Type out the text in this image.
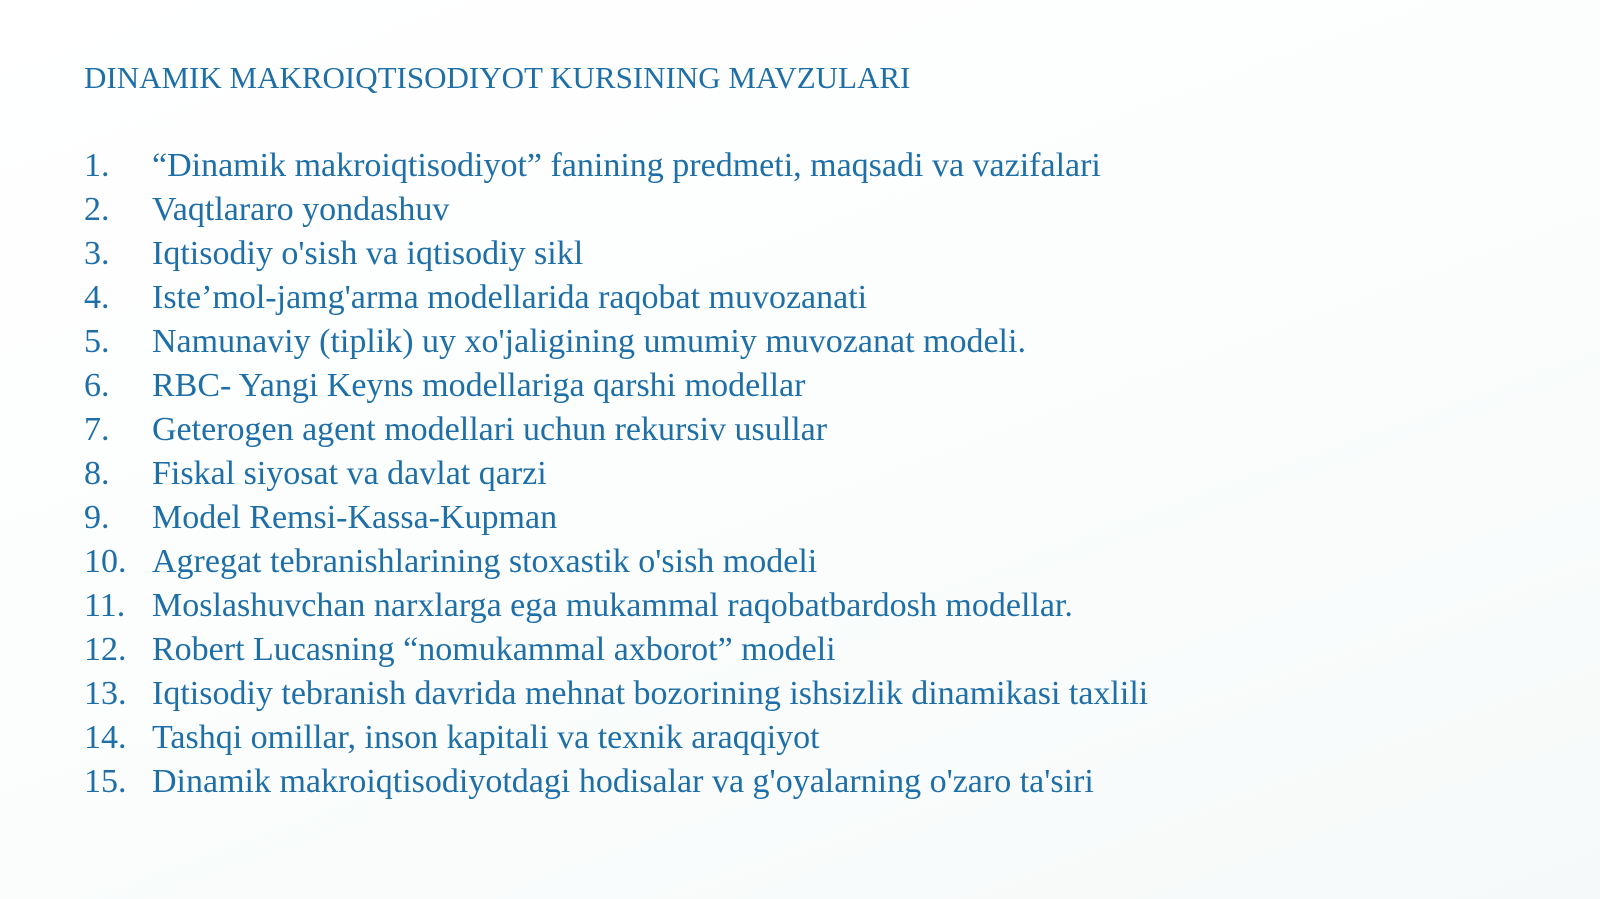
DINAMIK MAKROIQTISODIYOT KURSINING MAVZULARI
1.	“Dinamik makroiqtisodiyot” fanining predmeti, maqsadi va vazifalari
2.	Vaqtlararo yondashuv
3.	Iqtisodiy o'sish va iqtisodiy sikl
4.	Iste’mol-jamg'arma modellarida raqobat muvozanati
5.	Namunaviy (tiplik) uy xo'jaligining umumiy muvozanat modeli.
6.	RBC- Yangi Keyns modellariga qarshi modellar
7.	Geterogen agent modellari uchun rekursiv usullar
8.	Fiskal siyosat va davlat qarzi
9.	Model Remsi-Kassa-Kupman
10. Agregat tebranishlarining stoxastik o'sish modeli
11. Moslashuvchan narxlarga ega mukammal raqobatbardosh modellar.
12. Robert Lucasning “nomukammal axborot” modeli
13. Iqtisodiy tebranish davrida mehnat bozorining ishsizlik dinamikasi taxlili
14. Tashqi omillar, inson kapitali va texnik araqqiyot
15. Dinamik makroiqtisodiyotdagi hodisalar va g'oyalarning o'zaro ta'siri
